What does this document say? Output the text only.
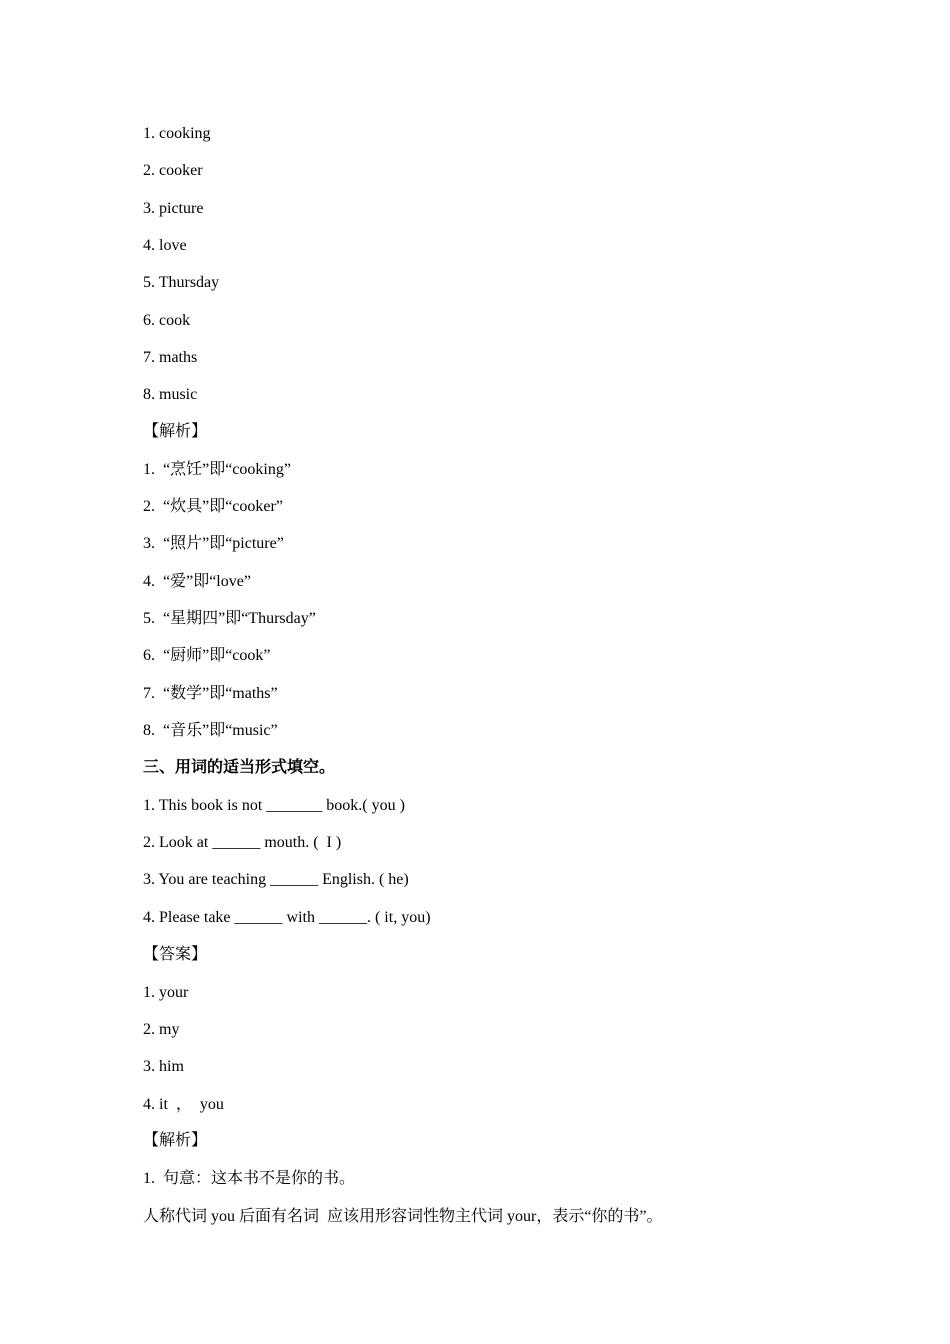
1. cooking
2. cooker
3. picture
4. love
5. Thursday
6. cook
7. maths
8. music
【解析】
1.  “烹饪”即“cooking”
2.  “炊具”即“cooker”
3.  “照片”即“picture”
4.  “爱”即“love”
5.  “星期四”即“Thursday”
6.  “厨师”即“cook”
7.  “数学”即“maths”
8.  “音乐”即“music”
三、用词的适当形式填空。
1. This book is not _______ book.( you )
2. Look at ______ mouth. (  I )
3. You are teaching ______ English. ( he)
4. Please take ______ with ______. ( it, you)
【答案】
1. your
2. my
3. him
4. it  ，  you
【解析】
1.  句意：这本书不是你的书。
人称代词 you 后面有名词  应该用形容词性物主代词 your，表示“你的书”。
